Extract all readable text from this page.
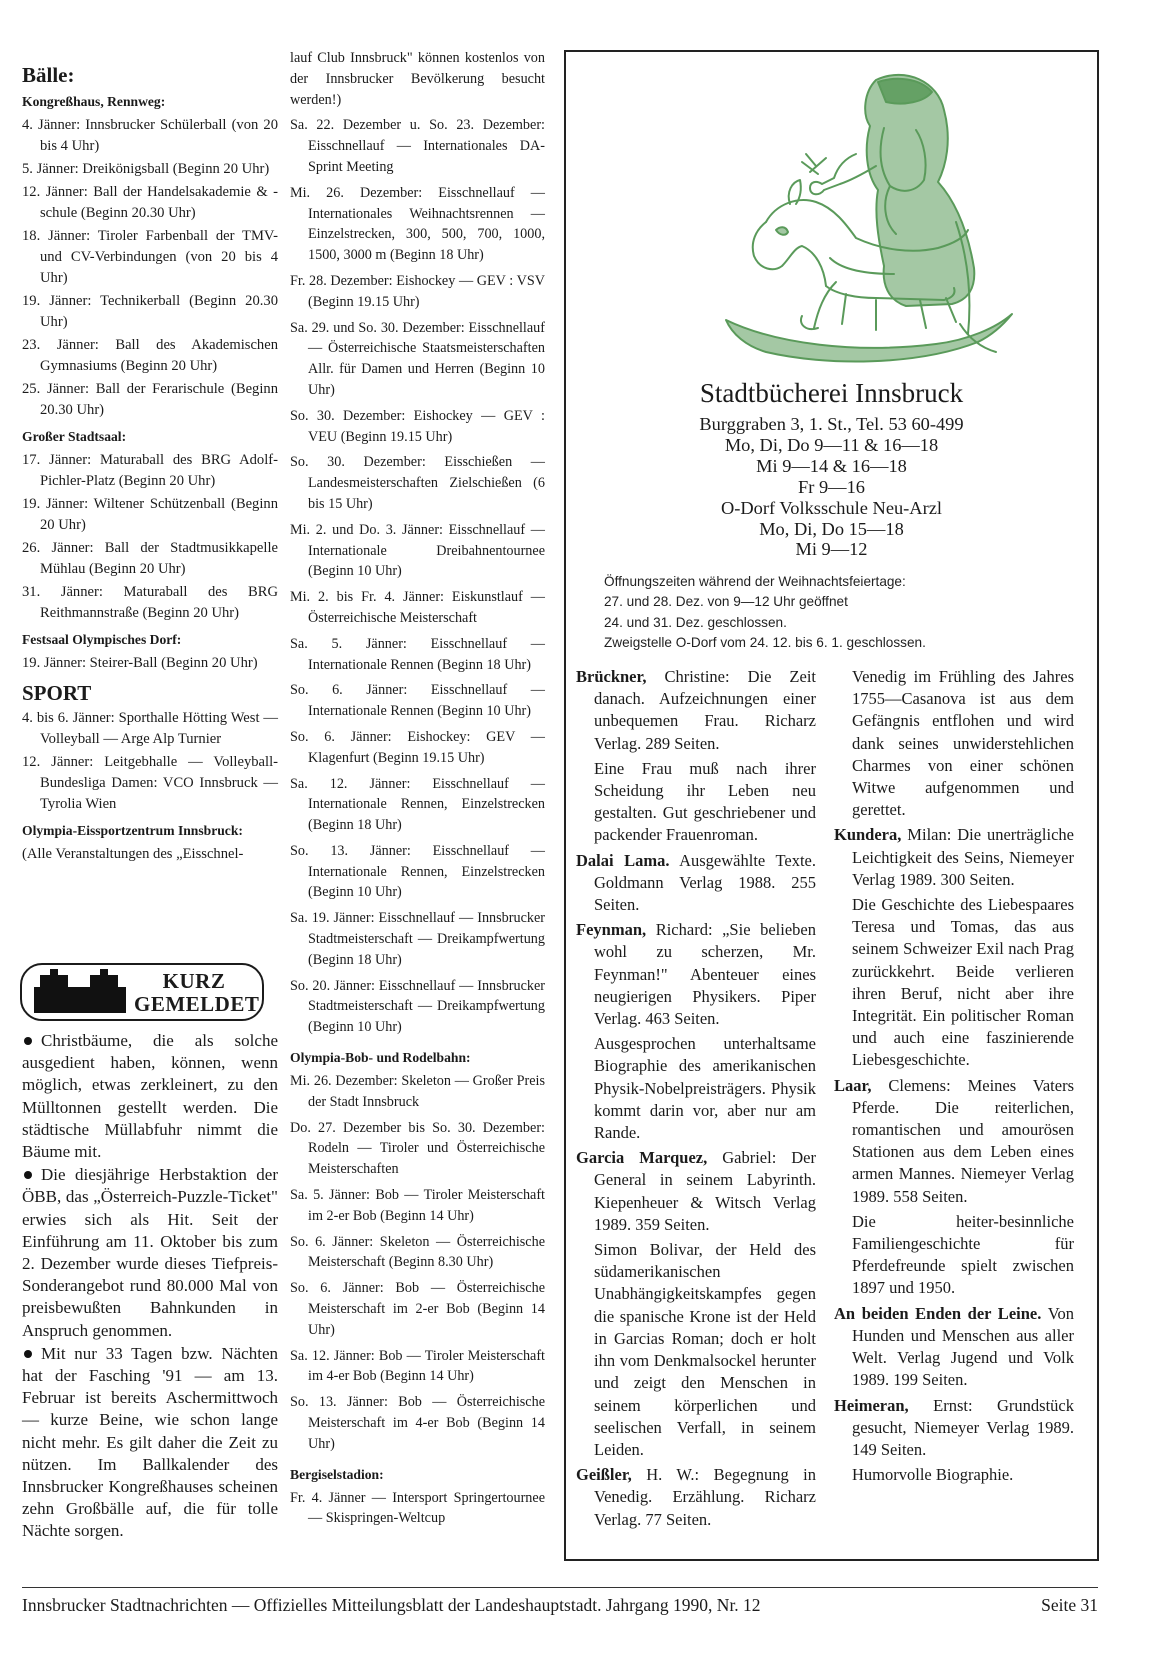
Bälle:
Kongreßhaus, Rennweg:
4. Jänner: Innsbrucker Schülerball (von 20 bis 4 Uhr)
5. Jänner: Dreikönigsball (Beginn 20 Uhr)
12. Jänner: Ball der Handelsakademie & -schule (Beginn 20.30 Uhr)
18. Jänner: Tiroler Farbenball der TMV- und CV-Verbindungen (von 20 bis 4 Uhr)
19. Jänner: Technikerball (Beginn 20.30 Uhr)
23. Jänner: Ball des Akademischen Gymnasiums (Beginn 20 Uhr)
25. Jänner: Ball der Ferarischule (Beginn 20.30 Uhr)
Großer Stadtsaal:
17. Jänner: Maturaball des BRG Adolf-Pichler-Platz (Beginn 20 Uhr)
19. Jänner: Wiltener Schützenball (Beginn 20 Uhr)
26. Jänner: Ball der Stadtmusikkapelle Mühlau (Beginn 20 Uhr)
31. Jänner: Maturaball des BRG Reithmannstraße (Beginn 20 Uhr)
Festsaal Olympisches Dorf:
19. Jänner: Steirer-Ball (Beginn 20 Uhr)
SPORT
4. bis 6. Jänner: Sporthalle Hötting West — Volleyball — Arge Alp Turnier
12. Jänner: Leitgebhalle — Volleyball-Bundesliga Damen: VCO Innsbruck — Tyrolia Wien
Olympia-Eissportzentrum Innsbruck:
(Alle Veranstaltungen des „Eisschnel-
KURZ
GEMELDET

Christbäume, die als solche ausgedient haben, können, wenn möglich, etwas zerkleinert, zu den Mülltonnen gestellt werden. Die städtische Müllabfuhr nimmt die Bäume mit.

Die diesjährige Herbstaktion der ÖBB, das „Österreich-Puzzle-Ticket" erwies sich als Hit. Seit der Einführung am 11. Oktober bis zum 2. Dezember wurde dieses Tiefpreis-Sonderangebot rund 80.000 Mal von preisbewußten Bahnkunden in Anspruch genommen.

Mit nur 33 Tagen bzw. Nächten hat der Fasching '91 — am 13. Februar ist bereits Aschermittwoch — kurze Beine, wie schon lange nicht mehr. Es gilt daher die Zeit zu nützen. Im Ballkalender des Innsbrucker Kongreßhauses scheinen zehn Großbälle auf, die für tolle Nächte sorgen.

lauf Club Innsbruck" können kostenlos von der Innsbrucker Bevölkerung besucht werden!)
Sa. 22. Dezember u. So. 23. Dezember: Eisschnellauf — Internationales DA-Sprint Meeting
Mi. 26. Dezember: Eisschnellauf — Internationales Weihnachtsrennen — Einzelstrecken, 300, 500, 700, 1000, 1500, 3000 m (Beginn 18 Uhr)
Fr. 28. Dezember: Eishockey — GEV : VSV (Beginn 19.15 Uhr)
Sa. 29. und So. 30. Dezember: Eisschnellauf — Österreichische Staatsmeisterschaften Allr. für Damen und Herren (Beginn 10 Uhr)
So. 30. Dezember: Eishockey — GEV : VEU (Beginn 19.15 Uhr)
So. 30. Dezember: Eisschießen — Landesmeisterschaften Zielschießen (6 bis 15 Uhr)
Mi. 2. und Do. 3. Jänner: Eisschnellauf — Internationale Dreibahnentournee (Beginn 10 Uhr)
Mi. 2. bis Fr. 4. Jänner: Eiskunstlauf — Österreichische Meisterschaft
Sa. 5. Jänner: Eisschnellauf — Internationale Rennen (Beginn 18 Uhr)
So. 6. Jänner: Eisschnellauf — Internationale Rennen (Beginn 10 Uhr)
So. 6. Jänner: Eishockey: GEV — Klagenfurt (Beginn 19.15 Uhr)
Sa. 12. Jänner: Eisschnellauf — Internationale Rennen, Einzelstrecken (Beginn 18 Uhr)
So. 13. Jänner: Eisschnellauf — Internationale Rennen, Einzelstrecken (Beginn 10 Uhr)
Sa. 19. Jänner: Eisschnellauf — Innsbrucker Stadtmeisterschaft — Dreikampfwertung (Beginn 18 Uhr)
So. 20. Jänner: Eisschnellauf — Innsbrucker Stadtmeisterschaft — Dreikampfwertung (Beginn 10 Uhr)
Olympia-Bob- und Rodelbahn:
Mi. 26. Dezember: Skeleton — Großer Preis der Stadt Innsbruck
Do. 27. Dezember bis So. 30. Dezember: Rodeln — Tiroler und Österreichische Meisterschaften
Sa. 5. Jänner: Bob — Tiroler Meisterschaft im 2-er Bob (Beginn 14 Uhr)
So. 6. Jänner: Skeleton — Österreichische Meisterschaft (Beginn 8.30 Uhr)
So. 6. Jänner: Bob — Österreichische Meisterschaft im 2-er Bob (Beginn 14 Uhr)
Sa. 12. Jänner: Bob — Tiroler Meisterschaft im 4-er Bob (Beginn 14 Uhr)
So. 13. Jänner: Bob — Österreichische Meisterschaft im 4-er Bob (Beginn 14 Uhr)
Bergiselstadion:
Fr. 4. Jänner — Intersport Springertournee — Skispringen-Weltcup
Stadtbücherei Innsbruck
Burggraben 3, 1. St., Tel. 53 60-499
Mo, Di, Do 9—11 & 16—18
Mi 9—14 & 16—18
Fr 9—16
O-Dorf Volksschule Neu-Arzl
Mo, Di, Do 15—18
Mi 9—12
Öffnungszeiten während der Weihnachtsfeiertage:
27. und 28. Dez. von 9—12 Uhr geöffnet
24. und 31. Dez. geschlossen.
Zweigstelle O-Dorf vom 24. 12. bis 6. 1. geschlossen.
Brückner, Christine: Die Zeit danach. Aufzeichnungen einer unbequemen Frau. Richarz Verlag. 289 Seiten.
Eine Frau muß nach ihrer Scheidung ihr Leben neu gestalten. Gut geschriebener und packender Frauenroman.
Dalai Lama. Ausgewählte Texte. Goldmann Verlag 1988. 255 Seiten.
Feynman, Richard: „Sie belieben wohl zu scherzen, Mr. Feynman!" Abenteuer eines neugierigen Physikers. Piper Verlag. 463 Seiten.
Ausgesprochen unterhaltsame Biographie des amerikanischen Physik-Nobelpreisträgers. Physik kommt darin vor, aber nur am Rande.
Garcia Marquez, Gabriel: Der General in seinem Labyrinth. Kiepenheuer & Witsch Verlag 1989. 359 Seiten.
Simon Bolivar, der Held des südamerikanischen Unabhängigkeitskampfes gegen die spanische Krone ist der Held in Garcias Roman; doch er holt ihn vom Denkmalsockel herunter und zeigt den Menschen in seinem körperlichen und seelischen Verfall, in seinem Leiden.
Geißler, H. W.: Begegnung in Venedig. Erzählung. Richarz Verlag. 77 Seiten.
Venedig im Frühling des Jahres 1755—Casanova ist aus dem Gefängnis entflohen und wird dank seines unwiderstehlichen Charmes von einer schönen Witwe aufgenommen und gerettet.
Kundera, Milan: Die unerträgliche Leichtigkeit des Seins, Niemeyer Verlag 1989. 300 Seiten.
Die Geschichte des Liebespaares Teresa und Tomas, das aus seinem Schweizer Exil nach Prag zurückkehrt. Beide verlieren ihren Beruf, nicht aber ihre Integrität. Ein politischer Roman und auch eine faszinierende Liebesgeschichte.
Laar, Clemens: Meines Vaters Pferde. Die reiterlichen, romantischen und amourösen Stationen aus dem Leben eines armen Mannes. Niemeyer Verlag 1989. 558 Seiten.
Die heiter-besinnliche Familiengeschichte für Pferdefreunde spielt zwischen 1897 und 1950.
An beiden Enden der Leine. Von Hunden und Menschen aus aller Welt. Verlag Jugend und Volk 1989. 199 Seiten.
Heimeran, Ernst: Grundstück gesucht, Niemeyer Verlag 1989. 149 Seiten.
Humorvolle Biographie.
Innsbrucker Stadtnachrichten — Offizielles Mitteilungsblatt der Landeshauptstadt. Jahrgang 1990, Nr. 12	Seite 31
